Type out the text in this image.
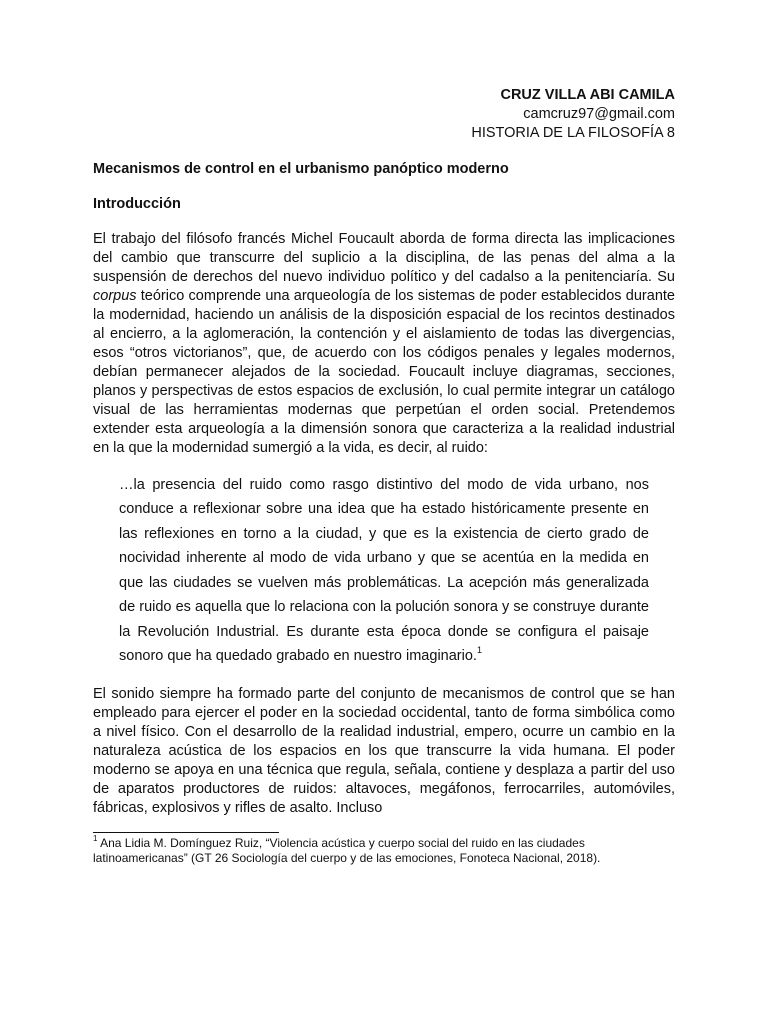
CRUZ VILLA ABI CAMILA
camcruz97@gmail.com
HISTORIA DE LA FILOSOFÍA 8
Mecanismos de control en el urbanismo panóptico moderno
Introducción

El trabajo del filósofo francés Michel Foucault aborda de forma directa las implicaciones del cambio que transcurre del suplicio a la disciplina, de las penas del alma a la suspensión de derechos del nuevo individuo político y del cadalso a la penitenciaría. Su corpus teórico comprende una arqueología de los sistemas de poder establecidos durante la modernidad, haciendo un análisis de la disposición espacial de los recintos destinados al encierro, a la aglomeración, la contención y el aislamiento de todas las divergencias, esos “otros victorianos”, que, de acuerdo con los códigos penales y legales modernos, debían permanecer alejados de la sociedad. Foucault incluye diagramas, secciones, planos y perspectivas de estos espacios de exclusión, lo cual permite integrar un catálogo visual de las herramientas modernas que perpetúan el orden social. Pretendemos extender esta arqueología a la dimensión sonora que caracteriza a la realidad industrial en la que la modernidad sumergió a la vida, es decir, al ruido:

…la presencia del ruido como rasgo distintivo del modo de vida urbano, nos conduce a reflexionar sobre una idea que ha estado históricamente presente en las reflexiones en torno a la ciudad, y que es la existencia de cierto grado de nocividad inherente al modo de vida urbano y que se acentúa en la medida en que las ciudades se vuelven más problemáticas. La acepción más generalizada de ruido es aquella que lo relaciona con la polución sonora y se construye durante la Revolución Industrial. Es durante esta época donde se configura el paisaje sonoro que ha quedado grabado en nuestro imaginario.$^1$

El sonido siempre ha formado parte del conjunto de mecanismos de control que se han empleado para ejercer el poder en la sociedad occidental, tanto de forma simbólica como a nivel físico. Con el desarrollo de la realidad industrial, empero, ocurre un cambio en la naturaleza acústica de los espacios en los que transcurre la vida humana. El poder moderno se apoya en una técnica que regula, señala, contiene y desplaza a partir del uso de aparatos productores de ruidos: altavoces, megáfonos, ferrocarriles, automóviles, fábricas, explosivos y rifles de asalto. Incluso

$^1$ Ana Lidia M. Domínguez Ruiz, “Violencia acústica y cuerpo social del ruido en las ciudades latinoamericanas” (GT 26 Sociología del cuerpo y de las emociones, Fonoteca Nacional, 2018).
